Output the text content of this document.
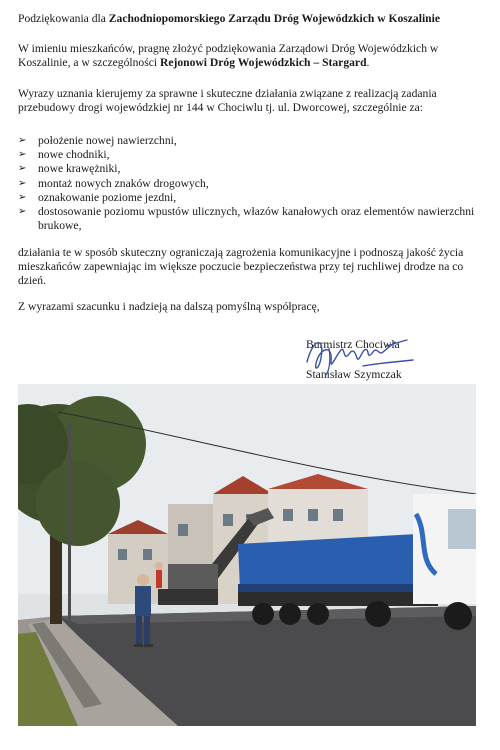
Podziękowania dla Zachodniopomorskiego Zarządu Dróg Wojewódzkich w Koszalinie
W imieniu mieszkańców, pragnę złożyć podziękowania Zarządowi Dróg Wojewódzkich w Koszalinie, a w szczególności Rejonowi Dróg Wojewódzkich – Stargard.
Wyrazy uznania kierujemy za sprawne i skuteczne działania związane z realizacją zadania przebudowy drogi wojewódzkiej nr 144 w Chociwlu tj. ul. Dworcowej, szczególnie za:
➢ położenie nowej nawierzchni,
➢ nowe chodniki,
➢ nowe krawężniki,
➢ montaż nowych znaków drogowych,
➢ oznakowanie poziome jezdni,
➢ dostosowanie poziomu wpustów ulicznych, włazów kanałowych oraz elementów nawierzchni brukowe,
działania te w sposób skuteczny ograniczają zagrożenia komunikacyjne i podnoszą jakość życia mieszkańców zapewniając im większe poczucie bezpieczeństwa przy tej ruchliwej drodze na co dzień.
Z wyrazami szacunku i nadzieją na dalszą pomyślną współpracę,
Burmistrz Chociwla
Stanisław Szymczak
